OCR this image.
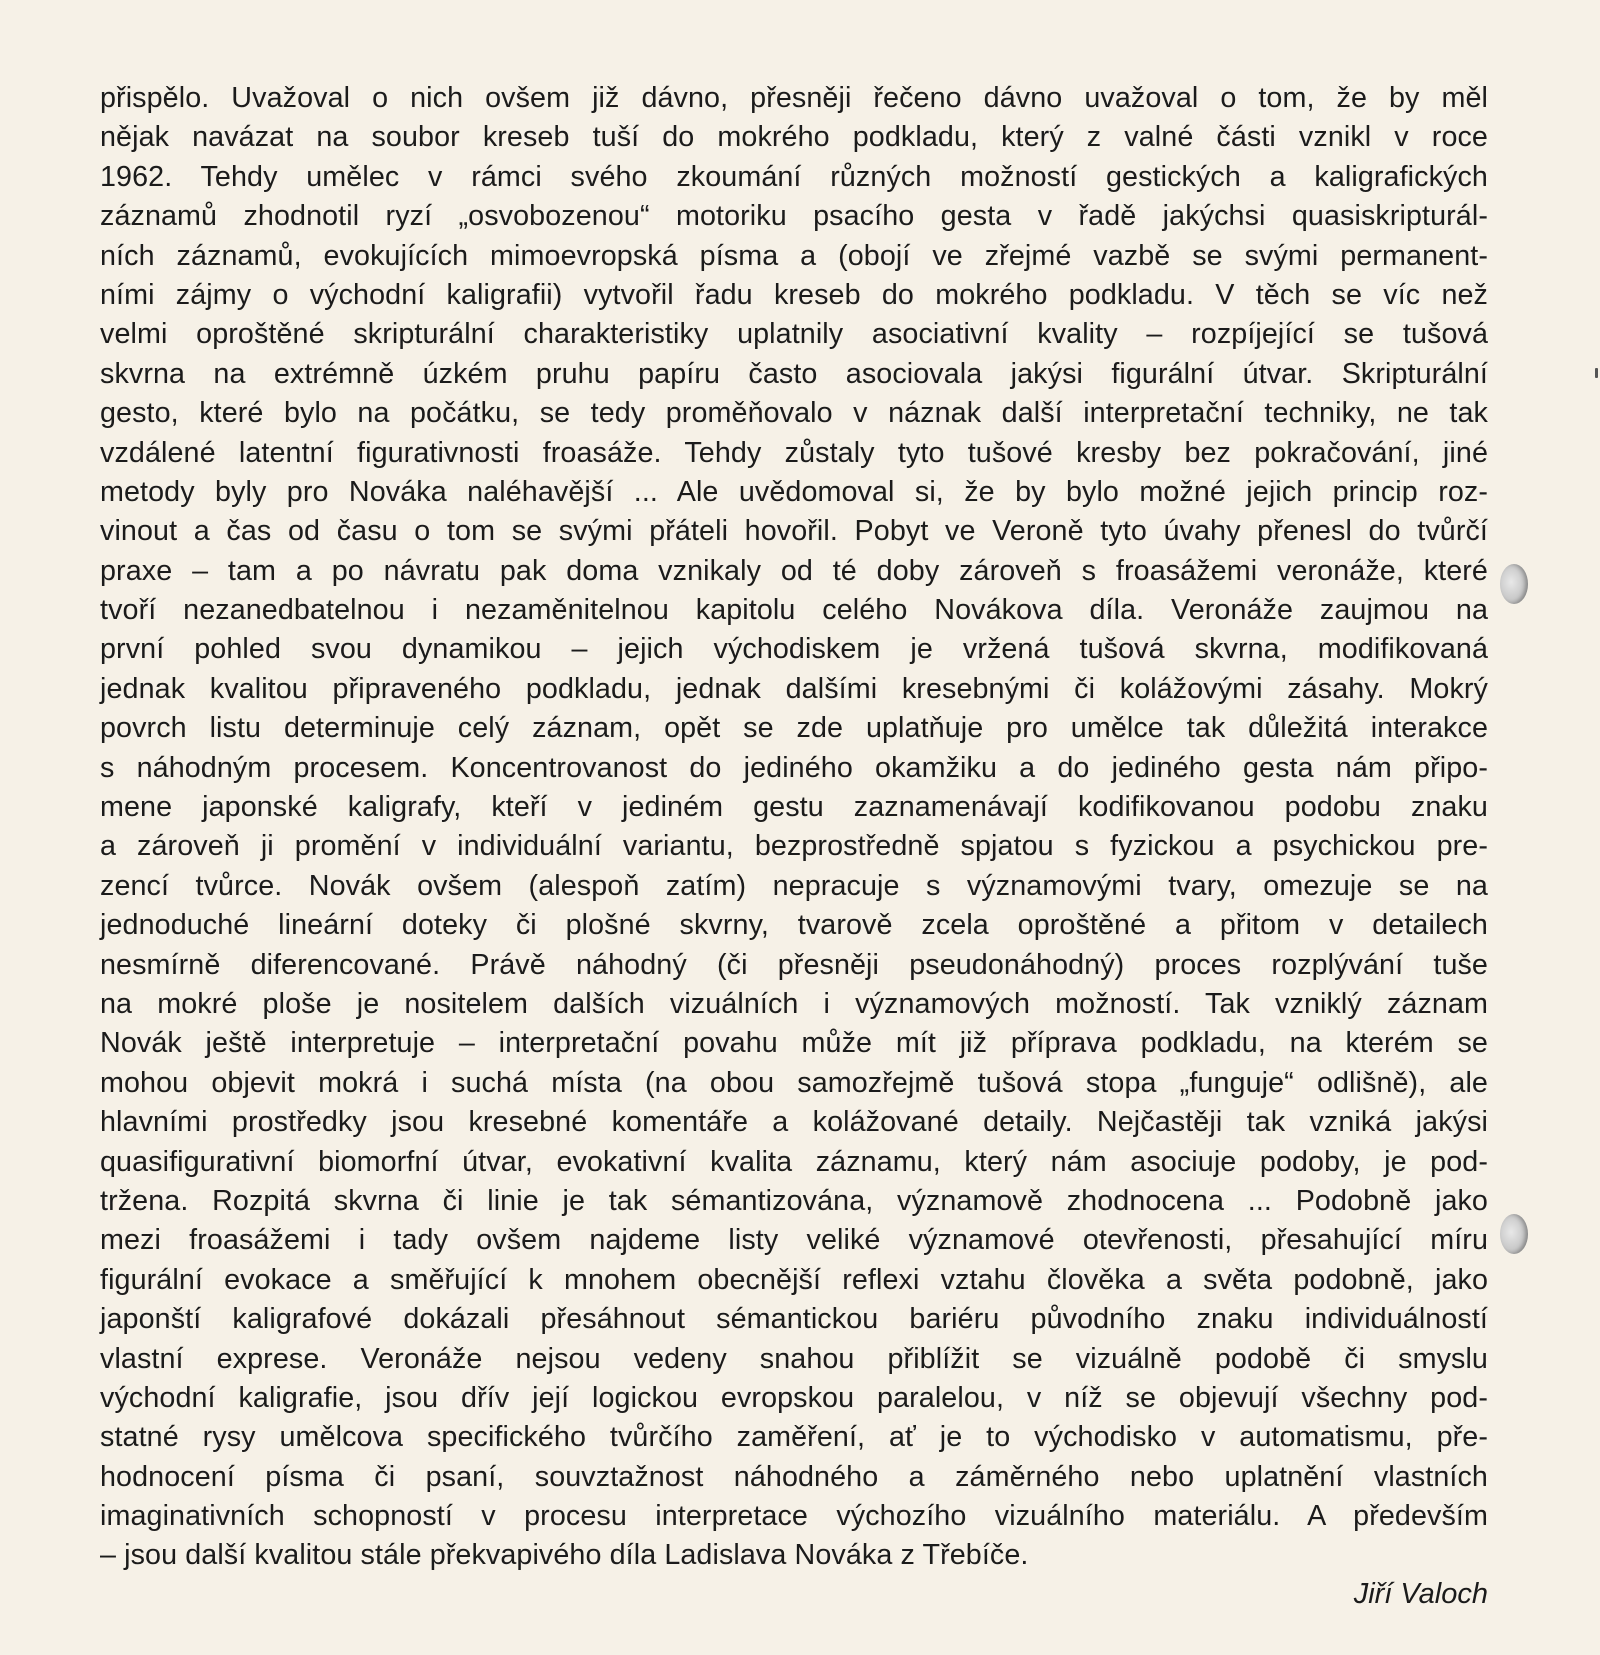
přispělo. Uvažoval o nich ovšem již dávno, přesněji řečeno dávno uvažoval o tom, že by měl
nějak navázat na soubor kreseb tuší do mokrého podkladu, který z valné části vznikl v roce
1962. Tehdy umělec v rámci svého zkoumání různých možností gestických a kaligrafických
záznamů zhodnotil ryzí „osvobozenou“ motoriku psacího gesta v řadě jakýchsi quasiskripturál-
ních záznamů, evokujících mimoevropská písma a (obojí ve zřejmé vazbě se svými permanent-
ními zájmy o východní kaligrafii) vytvořil řadu kreseb do mokrého podkladu. V těch se víc než
velmi oproštěné skripturální charakteristiky uplatnily asociativní kvality – rozpíjející se tušová
skvrna na extrémně úzkém pruhu papíru často asociovala jakýsi figurální útvar. Skripturální
gesto, které bylo na počátku, se tedy proměňovalo v náznak další interpretační techniky, ne tak
vzdálené latentní figurativnosti froasáže. Tehdy zůstaly tyto tušové kresby bez pokračování, jiné
metody byly pro Nováka naléhavější ... Ale uvědomoval si, že by bylo možné jejich princip roz-
vinout a čas od času o tom se svými přáteli hovořil. Pobyt ve Veroně tyto úvahy přenesl do tvůrčí
praxe – tam a po návratu pak doma vznikaly od té doby zároveň s froasážemi veronáže, které
tvoří nezanedbatelnou i nezaměnitelnou kapitolu celého Novákova díla. Veronáže zaujmou na
první pohled svou dynamikou – jejich východiskem je vržená tušová skvrna, modifikovaná
jednak kvalitou připraveného podkladu, jednak dalšími kresebnými či kolážovými zásahy. Mokrý
povrch listu determinuje celý záznam, opět se zde uplatňuje pro umělce tak důležitá interakce
s náhodným procesem. Koncentrovanost do jediného okamžiku a do jediného gesta nám připo-
mene japonské kaligrafy, kteří v jediném gestu zaznamenávají kodifikovanou podobu znaku
a zároveň ji promění v individuální variantu, bezprostředně spjatou s fyzickou a psychickou pre-
zencí tvůrce. Novák ovšem (alespoň zatím) nepracuje s významovými tvary, omezuje se na
jednoduché lineární doteky či plošné skvrny, tvarově zcela oproštěné a přitom v detailech
nesmírně diferencované. Právě náhodný (či přesněji pseudonáhodný) proces rozplývání tuše
na mokré ploše je nositelem dalších vizuálních i významových možností. Tak vzniklý záznam
Novák ještě interpretuje – interpretační povahu může mít již příprava podkladu, na kterém se
mohou objevit mokrá i suchá místa (na obou samozřejmě tušová stopa „funguje“ odlišně), ale
hlavními prostředky jsou kresebné komentáře a kolážované detaily. Nejčastěji tak vzniká jakýsi
quasifigurativní biomorfní útvar, evokativní kvalita záznamu, který nám asociuje podoby, je pod-
tržena. Rozpitá skvrna či linie je tak sémantizována, významově zhodnocena ... Podobně jako
mezi froasážemi i tady ovšem najdeme listy veliké významové otevřenosti, přesahující míru
figurální evokace a směřující k mnohem obecnější reflexi vztahu člověka a světa podobně, jako
japonští kaligrafové dokázali přesáhnout sémantickou bariéru původního znaku individuálností
vlastní exprese. Veronáže nejsou vedeny snahou přiblížit se vizuálně podobě či smyslu
východní kaligrafie, jsou dřív její logickou evropskou paralelou, v níž se objevují všechny pod-
statné rysy umělcova specifického tvůrčího zaměření, ať je to východisko v automatismu, pře-
hodnocení písma či psaní, souvztažnost náhodného a záměrného nebo uplatnění vlastních
imaginativních schopností v procesu interpretace výchozího vizuálního materiálu. A především
– jsou další kvalitou stále překvapivého díla Ladislava Nováka z Třebíče.
Jiří Valoch
